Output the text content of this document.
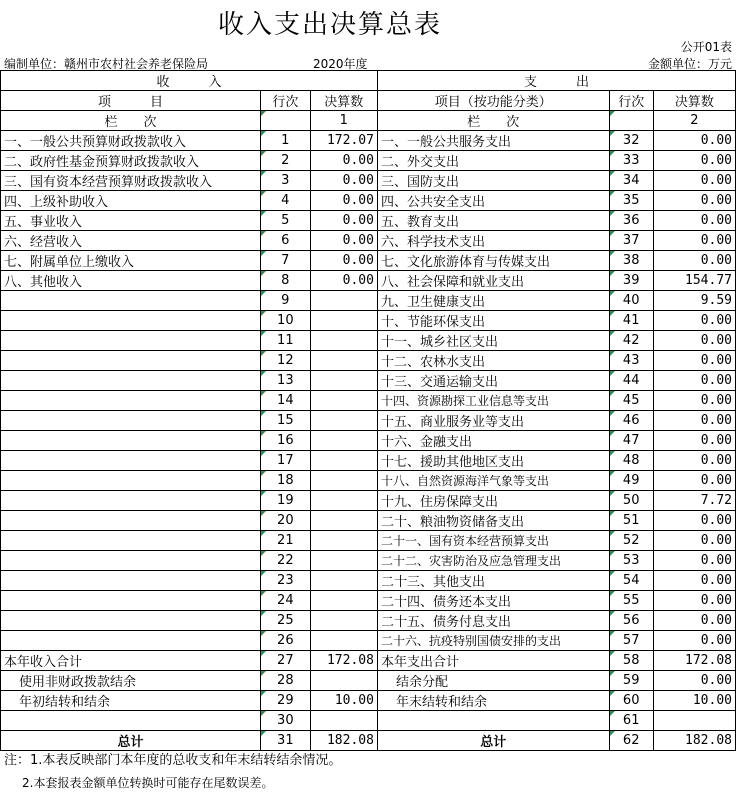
收入支出决算总表
公开01表
编制单位：赣州市农村社会养老保险局	2020年度	金额单位：万元
收　　　入			支　　　出		
项　　　目	行次	决算数	项目（按功能分类）	行次	决算数
栏　　次		1	栏　　次		2
一、一般公共预算财政拨款收入	1	172.07	一、一般公共服务支出	32	0.00
二、政府性基金预算财政拨款收入	2	0.00	二、外交支出	33	0.00
三、国有资本经营预算财政拨款收入	3	0.00	三、国防支出	34	0.00
四、上级补助收入	4	0.00	四、公共安全支出	35	0.00
五、事业收入	5	0.00	五、教育支出	36	0.00
六、经营收入	6	0.00	六、科学技术支出	37	0.00
七、附属单位上缴收入	7	0.00	七、文化旅游体育与传媒支出	38	0.00
八、其他收入	8	0.00	八、社会保障和就业支出	39	154.77
	9		九、卫生健康支出	40	9.59
	10		十、节能环保支出	41	0.00
	11		十一、城乡社区支出	42	0.00
	12		十二、农林水支出	43	0.00
	13		十三、交通运输支出	44	0.00
	14		十四、资源勘探工业信息等支出	45	0.00
	15		十五、商业服务业等支出	46	0.00
	16		十六、金融支出	47	0.00
	17		十七、援助其他地区支出	48	0.00
	18		十八、自然资源海洋气象等支出	49	0.00
	19		十九、住房保障支出	50	7.72
	20		二十、粮油物资储备支出	51	0.00
	21		二十一、国有资本经营预算支出	52	0.00
	22		二十二、灾害防治及应急管理支出	53	0.00
	23		二十三、其他支出	54	0.00
	24		二十四、债务还本支出	55	0.00
	25		二十五、债务付息支出	56	0.00
	26		二十六、抗疫特别国债安排的支出	57	0.00
本年收入合计	27	172.08	本年支出合计	58	172.08
使用非财政拨款结余	28		结余分配	59	0.00
年初结转和结余	29	10.00	年末结转和结余	60	10.00
	30			61	
总计	31	182.08	总计	62	182.08
注：1.本表反映部门本年度的总收支和年末结转结余情况。
2.本套报表金额单位转换时可能存在尾数误差。
